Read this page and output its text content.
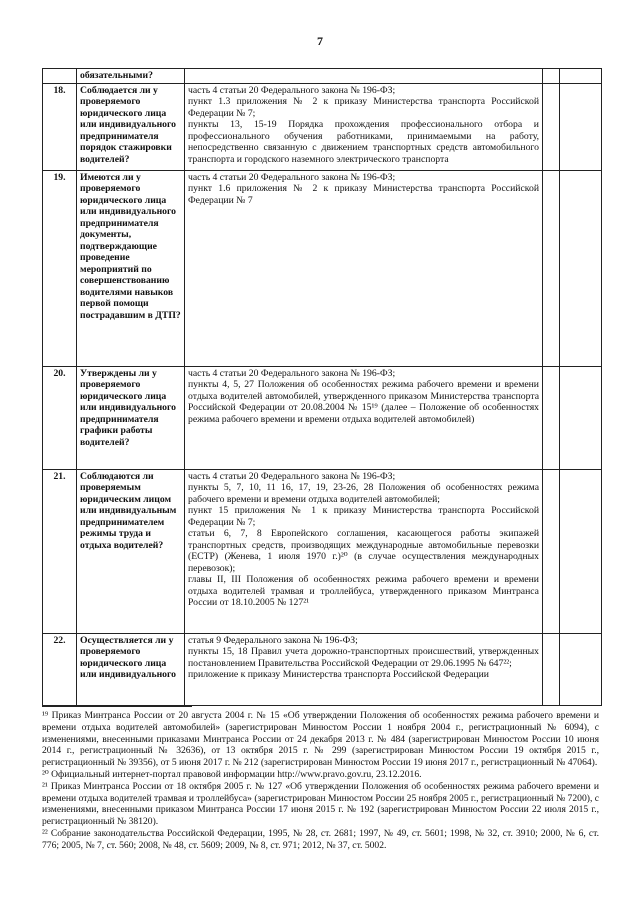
7
	обязательными?			
18.	Соблюдается ли у проверяемого юридического лица или индивидуального предпринимателя порядок стажировки водителей?	часть 4 статьи 20 Федерального закона № 196-ФЗ;
пункт 1.3 приложения № 2 к приказу Министерства транспорта Российской Федерации № 7;
пункты 13, 15-19 Порядка прохождения профессионального отбора и профессионального обучения работниками, принимаемыми на работу, непосредственно связанную с движением транспортных средств автомобильного транспорта и городского наземного электрического транспорта		

19.	Имеются ли у проверяемого юридического лица или индивидуального предпринимателя документы, подтверждающие проведение мероприятий по совершенствованию водителями навыков первой помощи пострадавшим в ДТП?	часть 4 статьи 20 Федерального закона № 196-ФЗ;
пункт 1.6 приложения № 2 к приказу Министерства транспорта Российской Федерации № 7		

20.	Утверждены ли у проверяемого юридического лица или индивидуального предпринимателя графики работы водителей?	часть 4 статьи 20 Федерального закона № 196-ФЗ;
пункты 4, 5, 27 Положения об особенностях режима рабочего времени и времени отдыха водителей автомобилей, утвержденного приказом Министерства транспорта Российской Федерации от 20.08.2004 № 15¹⁹ (далее – Положение об особенностях режима рабочего времени и времени отдыха водителей автомобилей)		

21.	Соблюдаются ли проверяемым юридическим лицом или индивидуальным предпринимателем режимы труда и отдыха водителей?	часть 4 статьи 20 Федерального закона № 196-ФЗ;
пункты 5, 7, 10, 11 16, 17, 19, 23-26, 28 Положения об особенностях режима рабочего времени и времени отдыха водителей автомобилей;
пункт 15 приложения № 1 к приказу Министерства транспорта Российской Федерации № 7;
статьи 6, 7, 8 Европейского соглашения, касающегося работы экипажей транспортных средств, производящих международные автомобильные перевозки (ЕСТР) (Женева, 1 июля 1970 г.)²⁰ (в случае осуществления международных перевозок);
главы II, III Положения об особенностях режима рабочего времени и времени отдыха водителей трамвая и троллейбуса, утвержденного приказом Минтранса России от 18.10.2005 № 127²¹		

22.	Осуществляется ли у проверяемого юридического лица или индивидуального	статья 9 Федерального закона № 196-ФЗ;
пункты 15, 18 Правил учета дорожно-транспортных происшествий, утвержденных постановлением Правительства Российской Федерации от 29.06.1995 № 647²²;
приложение к приказу Министерства транспорта Российской Федерации		

¹⁹ Приказ Минтранса России от 20 августа 2004 г. № 15 «Об утверждении Положения об особенностях режима рабочего времени и времени отдыха водителей автомобилей» (зарегистрирован Минюстом России 1 ноября 2004 г., регистрационный № 6094), с изменениями, внесенными приказами Минтранса России от 24 декабря 2013 г. № 484 (зарегистрирован Минюстом России 10 июня 2014 г., регистрационный № 32636), от 13 октября 2015 г. № 299 (зарегистрирован Минюстом России 19 октября 2015 г., регистрационный № 39356), от 5 июня 2017 г. № 212 (зарегистрирован Минюстом России 19 июня 2017 г., регистрационный № 47064).

²⁰ Официальный интернет-портал правовой информации http://www.pravo.gov.ru, 23.12.2016.

²¹ Приказ Минтранса России от 18 октября 2005 г. № 127 «Об утверждении Положения об особенностях режима рабочего времени и времени отдыха водителей трамвая и троллейбуса» (зарегистрирован Минюстом России 25 ноября 2005 г., регистрационный № 7200), с изменениями, внесенными приказом Минтранса России 17 июня 2015 г. № 192 (зарегистрирован Минюстом России 22 июля 2015 г., регистрационный № 38120).

²² Собрание законодательства Российской Федерации, 1995, № 28, ст. 2681; 1997, № 49, ст. 5601; 1998, № 32, ст. 3910; 2000, № 6, ст. 776; 2005, № 7, ст. 560; 2008, № 48, ст. 5609; 2009, № 8, ст. 971; 2012, № 37, ст. 5002.
